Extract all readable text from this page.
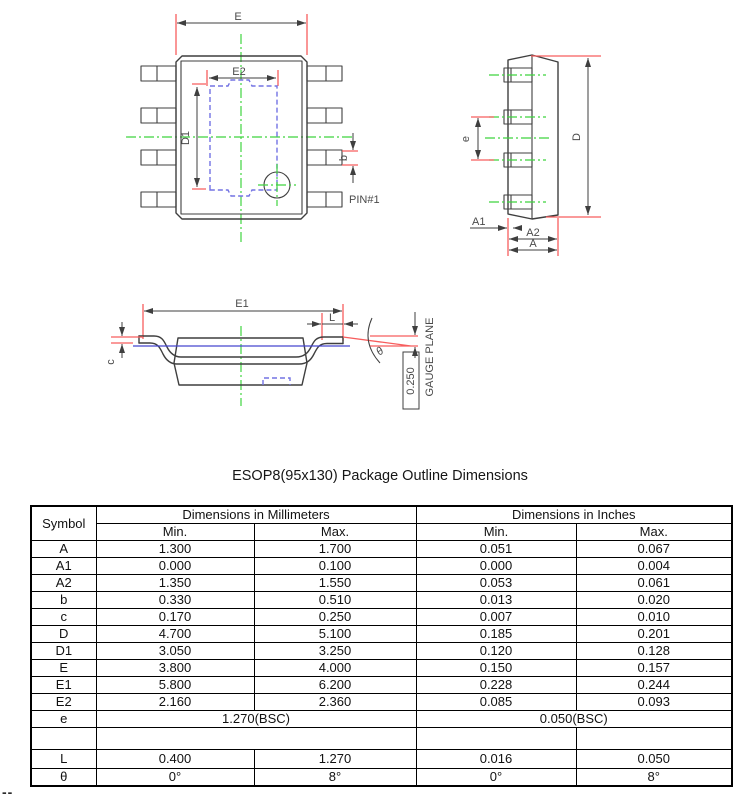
E
E2
D1
PIN#1
b
e	D
A1
A2
A
E1
L
c
θ
0.250 GAUGE PLANE
ESOP8(95x130) Package Outline Dimensions
Symbol	Dimensions in Millimeters		Dimensions in Inches	
	Min.	Max.	Min.	Max.
A	1.300	1.700	0.051	0.067
A1	0.000	0.100	0.000	0.004
A2	1.350	1.550	0.053	0.061
b	0.330	0.510	0.013	0.020
c	0.170	0.250	0.007	0.010
D	4.700	5.100	0.185	0.201
D1	3.050	3.250	0.120	0.128
E	3.800	4.000	0.150	0.157
E1	5.800	6.200	0.228	0.244
E2	2.160	2.360	0.085	0.093
e	1.270(BSC)		0.050(BSC)	

L	0.400	1.270	0.016	0.050
θ	0°	8°	0°	8°
--
